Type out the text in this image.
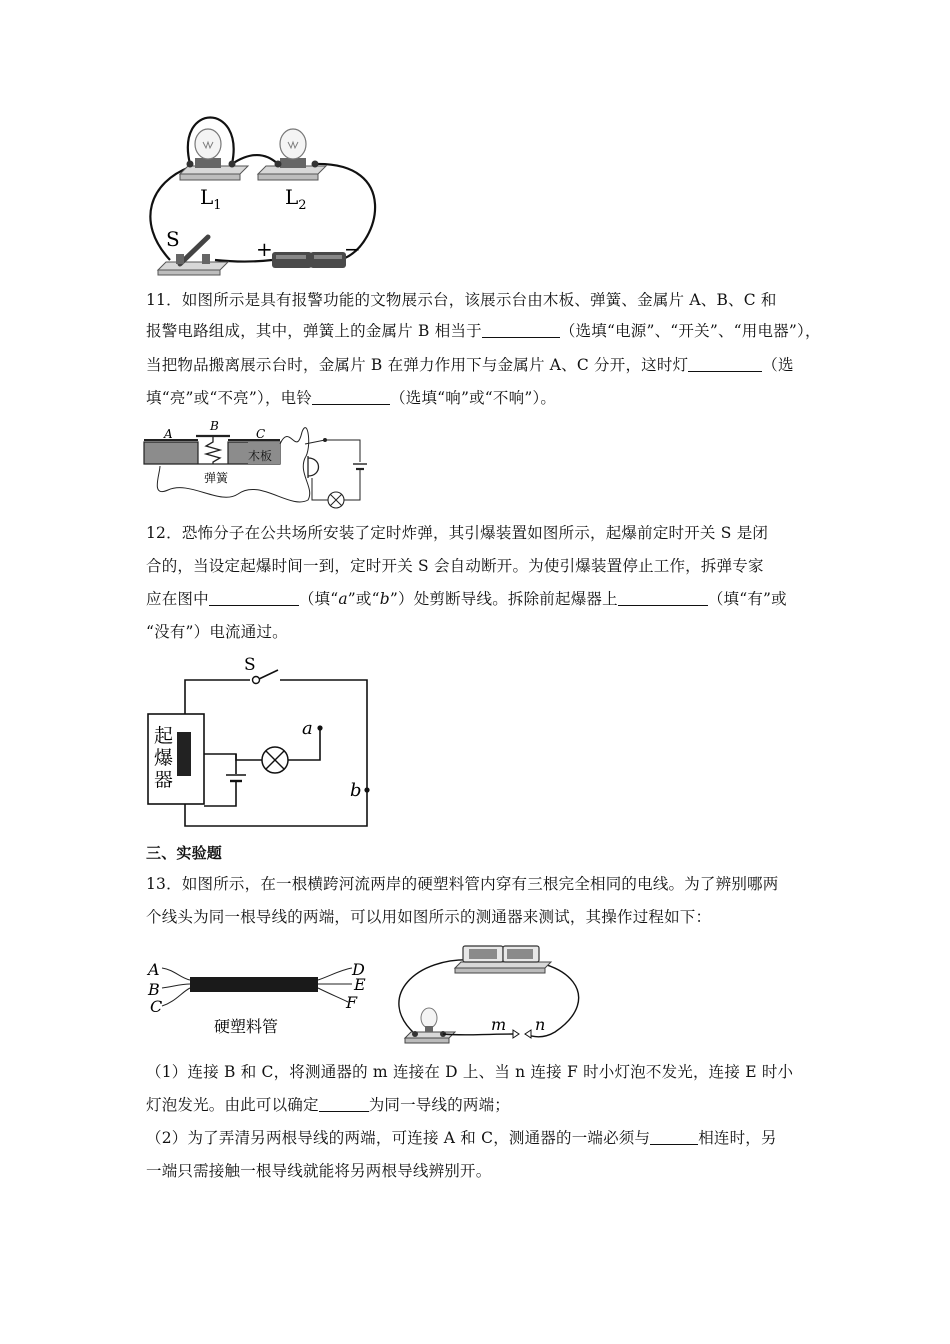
$L_1$	$L_2$
S	+	−
11．如图所示是具有报警功能的文物展示台，该展示台由木板、弹簧、金属片 A、B、C 和
报警电路组成，其中，弹簧上的金属片 B 相当于	（选填“电源”、“开关”、“用电器”），
当把物品搬离展示台时，金属片 B 在弹力作用下与金属片 A、C 分开，这时灯	（选
填“亮”或“不亮”），电铃	（选填“响”或“不响”）。
A
B
C
木板
弹簧
12．恐怖分子在公共场所安装了定时炸弹，其引爆装置如图所示，起爆前定时开关 S 是闭
合的，当设定起爆时间一到，定时开关 S 会自动断开。为使引爆装置停止工作，拆弹专家
应在图中	（填“a”或“b”）处剪断导线。拆除前起爆器上	（填“有”或
“没有”）电流通过。
S
起
爆
器
a
b
三、实验题
13．如图所示，在一根横跨河流两岸的硬塑料管内穿有三根完全相同的电线。为了辨别哪两
个线头为同一根导线的两端，可以用如图所示的测通器来测试，其操作过程如下：
A
B
C
D
E
F
硬塑料管	m n
（1）连接 B 和 C，将测通器的 m 连接在 D 上、当 n 连接 F 时小灯泡不发光，连接 E 时小
灯泡发光。由此可以确定	为同一导线的两端；
（2）为了弄清另两根导线的两端，可连接 A 和 C，测通器的一端必须与	相连时，另
一端只需接触一根导线就能将另两根导线辨别开。
